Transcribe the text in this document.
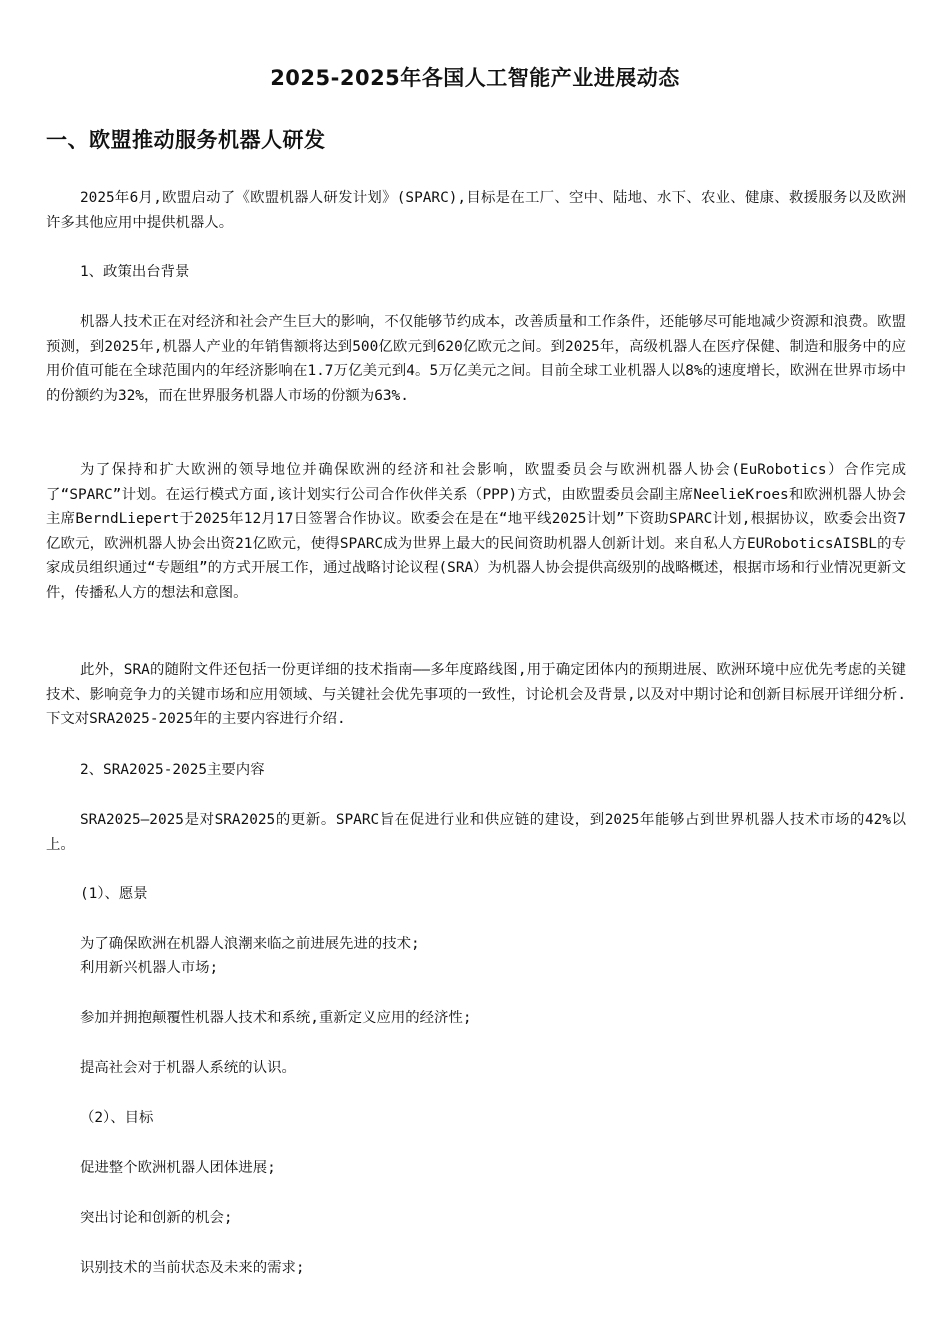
2025-2025年各国人工智能产业进展动态
一、欧盟推动服务机器人研发

2025年6月,欧盟启动了《欧盟机器人研发计划》(SPARC),目标是在工厂、空中、陆地、水下、农业、健康、救援服务以及欧洲许多其他应用中提供机器人。

1、政策出台背景

机器人技术正在对经济和社会产生巨大的影响，不仅能够节约成本，改善质量和工作条件，还能够尽可能地减少资源和浪费。欧盟预测，到2025年,机器人产业的年销售额将达到500亿欧元到620亿欧元之间。到2025年，高级机器人在医疗保健、制造和服务中的应用价值可能在全球范围内的年经济影响在1.7万亿美元到4。5万亿美元之间。目前全球工业机器人以8%的速度增长，欧洲在世界市场中的份额约为32%，而在世界服务机器人市场的份额为63%.

为了保持和扩大欧洲的领导地位并确保欧洲的经济和社会影响，欧盟委员会与欧洲机器人协会(EuRobotics）合作完成了“SPARC”计划。在运行模式方面,该计划实行公司合作伙伴关系（PPP)方式，由欧盟委员会副主席NeelieKroes和欧洲机器人协会主席BerndLiepert于2025年12月17日签署合作协议。欧委会在是在“地平线2025计划”下资助SPARC计划,根据协议，欧委会出资7亿欧元，欧洲机器人协会出资21亿欧元，使得SPARC成为世界上最大的民间资助机器人创新计划。来自私人方EURoboticsAISBL的专家成员组织通过“专题组”的方式开展工作，通过战略讨论议程(SRA）为机器人协会提供高级别的战略概述，根据市场和行业情况更新文件，传播私人方的想法和意图。

此外，SRA的随附文件还包括一份更详细的技术指南——多年度路线图,用于确定团体内的预期进展、欧洲环境中应优先考虑的关键技术、影响竞争力的关键市场和应用领域、与关键社会优先事项的一致性，讨论机会及背景,以及对中期讨论和创新目标展开详细分析.下文对SRA2025-2025年的主要内容进行介绍.

2、SRA2025-2025主要内容

SRA2025—2025是对SRA2025的更新。SPARC旨在促进行业和供应链的建设，到2025年能够占到世界机器人技术市场的42%以上。

(1）、愿景

为了确保欧洲在机器人浪潮来临之前进展先进的技术;

利用新兴机器人市场;

参加并拥抱颠覆性机器人技术和系统,重新定义应用的经济性;

提高社会对于机器人系统的认识。

（2）、目标

促进整个欧洲机器人团体进展;

突出讨论和创新的机会;

识别技术的当前状态及未来的需求;
